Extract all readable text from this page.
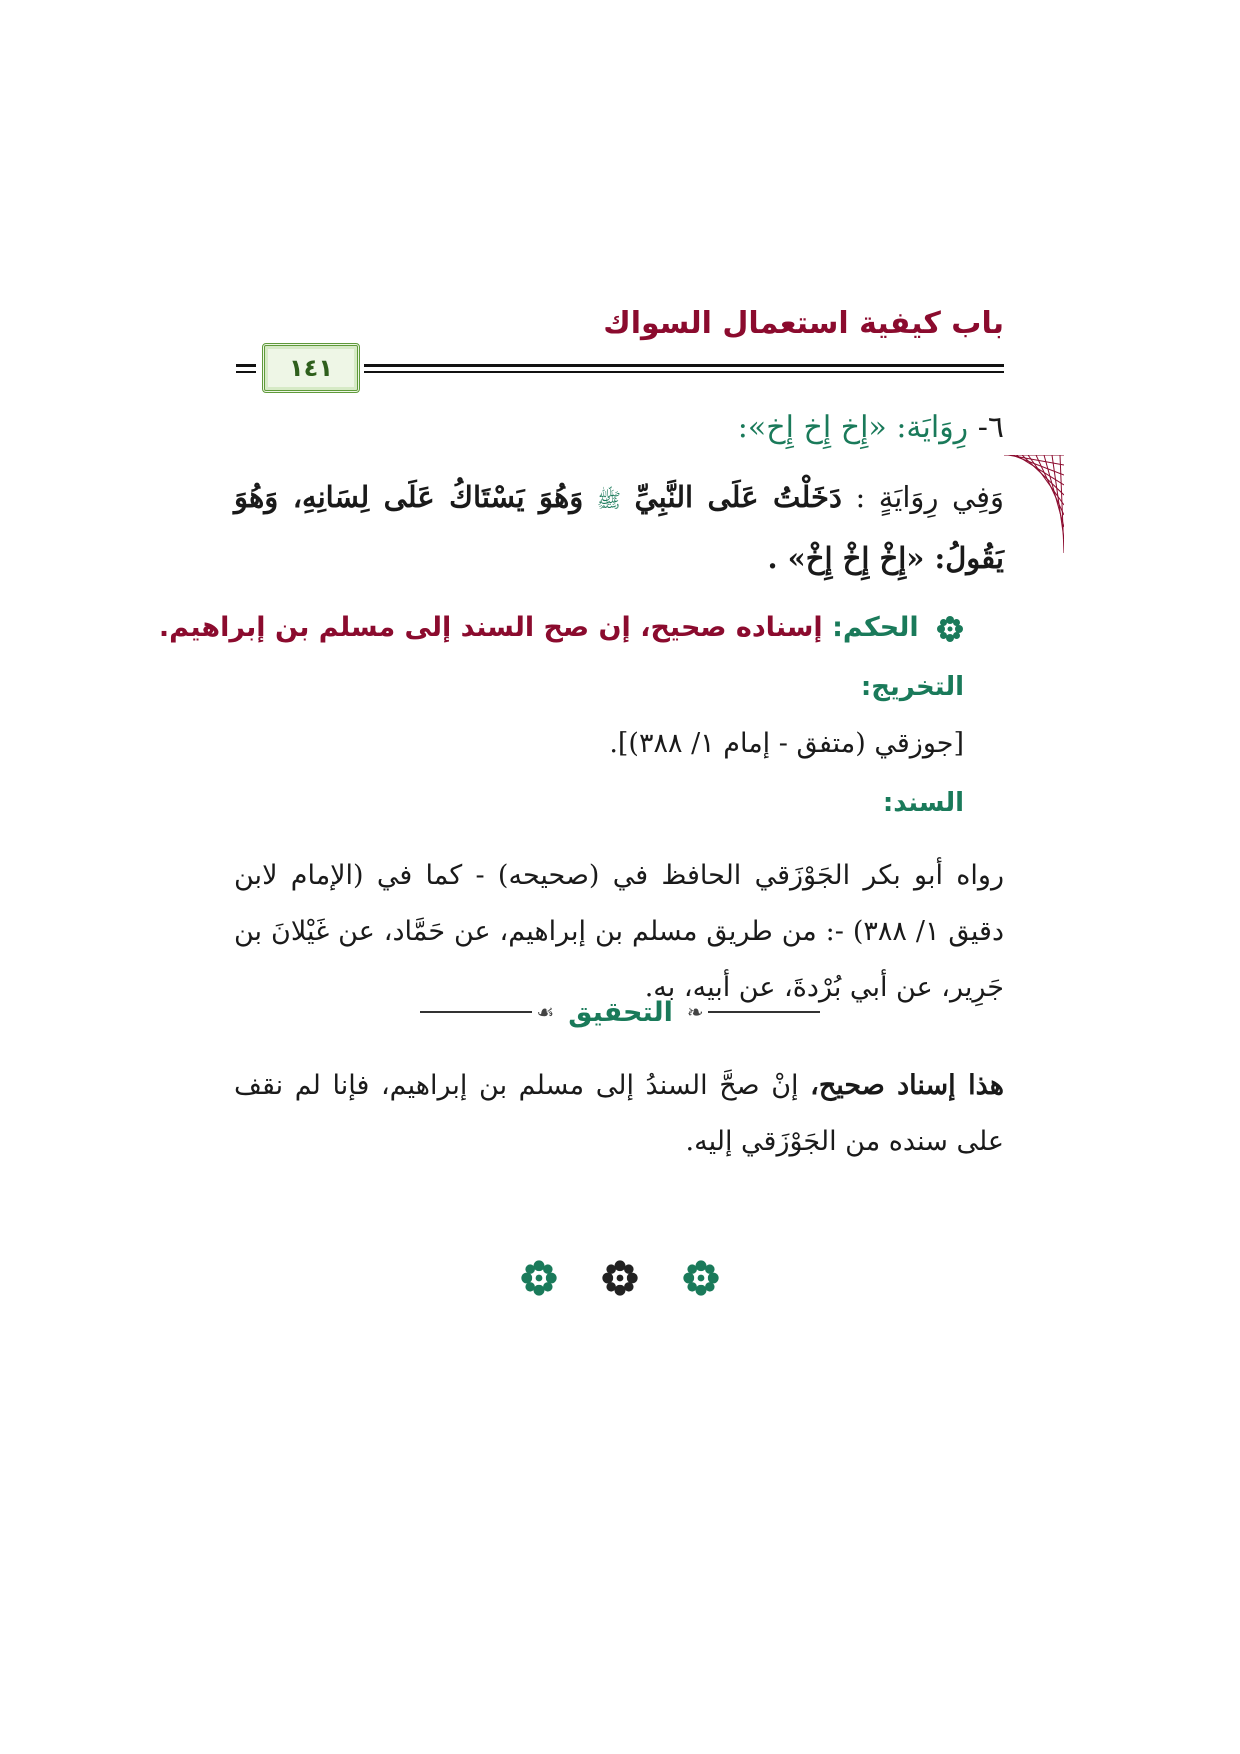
باب كيفية استعمال السواك
١٤١
٦- رِوَايَة: «إِخ إِخ إِخ»:
وَفِي رِوَايَةٍ : دَخَلْتُ عَلَى النَّبِيِّ ﷺ وَهُوَ يَسْتَاكُ عَلَى لِسَانِهِ، وَهُوَ يَقُولُ: «إِخْ إِخْ إِخْ» .
الحكم: إسناده صحيح، إن صح السند إلى مسلم بن إبراهيم.
التخريج:
[جوزقي (متفق - إمام ١/ ٣٨٨)].
السند:
رواه أبو بكر الجَوْزَقي الحافظ في (صحيحه) - كما في (الإمام لابن دقيق ١/ ٣٨٨) -: من طريق مسلم بن إبراهيم، عن حَمَّاد، عن غَيْلانَ بن جَرِير، عن أبي بُرْدةَ، عن أبيه، به.
❧
التحقيق
☙
هذا إسناد صحيح، إنْ صحَّ السندُ إلى مسلم بن إبراهيم، فإنا لم نقف على سنده من الجَوْزَقي إليه.
